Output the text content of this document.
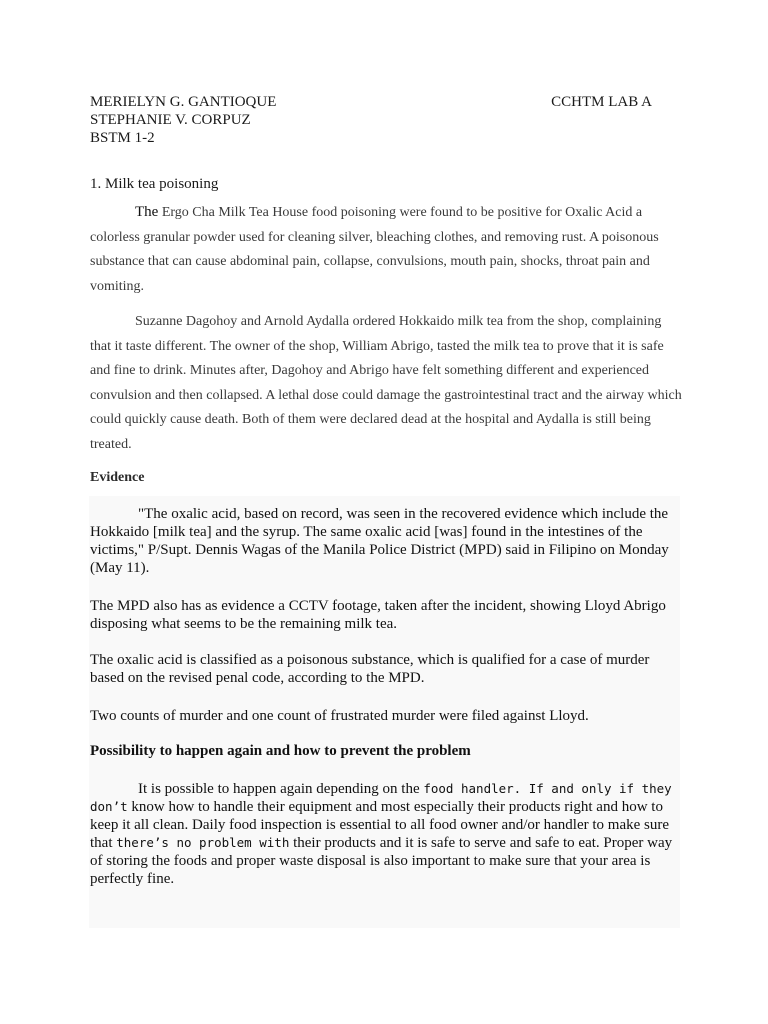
MERIELYN G. GANTIOQUE	CCHTM LAB A
STEPHANIE V. CORPUZ
BSTM 1-2
1. Milk tea poisoning
The Ergo Cha Milk Tea House food poisoning were found to be positive for Oxalic Acid a colorless granular powder used for cleaning silver, bleaching clothes, and removing rust. A poisonous substance that can cause abdominal pain, collapse, convulsions, mouth pain, shocks, throat pain and vomiting.
Suzanne Dagohoy and Arnold Aydalla ordered Hokkaido milk tea from the shop, complaining that it taste different. The owner of the shop, William Abrigo, tasted the milk tea to prove that it is safe and fine to drink. Minutes after, Dagohoy and Abrigo have felt something different and experienced convulsion and then collapsed. A lethal dose could damage the gastrointestinal tract and the airway which could quickly cause death. Both of them were declared dead at the hospital and Aydalla is still being treated.
Evidence
"The oxalic acid, based on record, was seen in the recovered evidence which include the Hokkaido [milk tea] and the syrup. The same oxalic acid [was] found in the intestines of the victims," P/Supt. Dennis Wagas of the Manila Police District (MPD) said in Filipino on Monday (May 11).
The MPD also has as evidence a CCTV footage, taken after the incident, showing Lloyd Abrigo disposing what seems to be the remaining milk tea.
The oxalic acid is classified as a poisonous substance, which is qualified for a case of murder based on the revised penal code, according to the MPD.
Two counts of murder and one count of frustrated murder were filed against Lloyd.
Possibility to happen again and how to prevent the problem
It is possible to happen again depending on the food handler. If and only if they don’t know how to handle their equipment and most especially their products right and how to keep it all clean. Daily food inspection is essential to all food owner and/or handler to make sure that there’s no problem with their products and it is safe to serve and safe to eat. Proper way of storing the foods and proper waste disposal is also important to make sure that your area is perfectly fine.
